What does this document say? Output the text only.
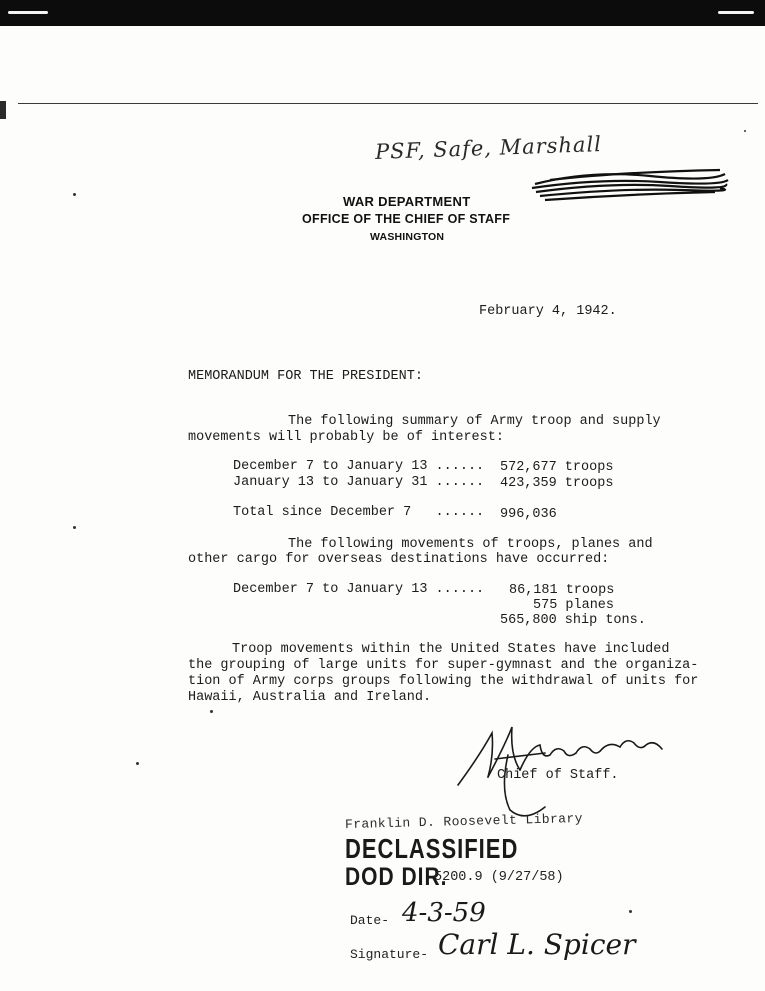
PSF, Safe, Marshall
WAR DEPARTMENT
OFFICE OF THE CHIEF OF STAFF
WASHINGTON
February 4, 1942.
MEMORANDUM FOR THE PRESIDENT:
The following summary of Army troop and supply
movements will probably be of interest:
December 7 to January 13 ...... 572,677 troops
January 13 to January 31 ...... 423,359 troops
Total since December 7   ...... 996,036
The following movements of troops, planes and
other cargo for overseas destinations have occurred:
December 7 to January 13 ...... 86,181 troops
575 planes
565,800 ship tons.
Troop movements within the United States have included
the grouping of large units for super-gymnast and the organiza-
tion of Army corps groups following the withdrawal of units for
Hawaii, Australia and Ireland.
Chief of Staff.
Franklin D. Roosevelt Library
DECLASSIFIED
DOD DIR.
5200.9 (9/27/58)
Date- 4-3-59
Signature- Carl L. Spicer
